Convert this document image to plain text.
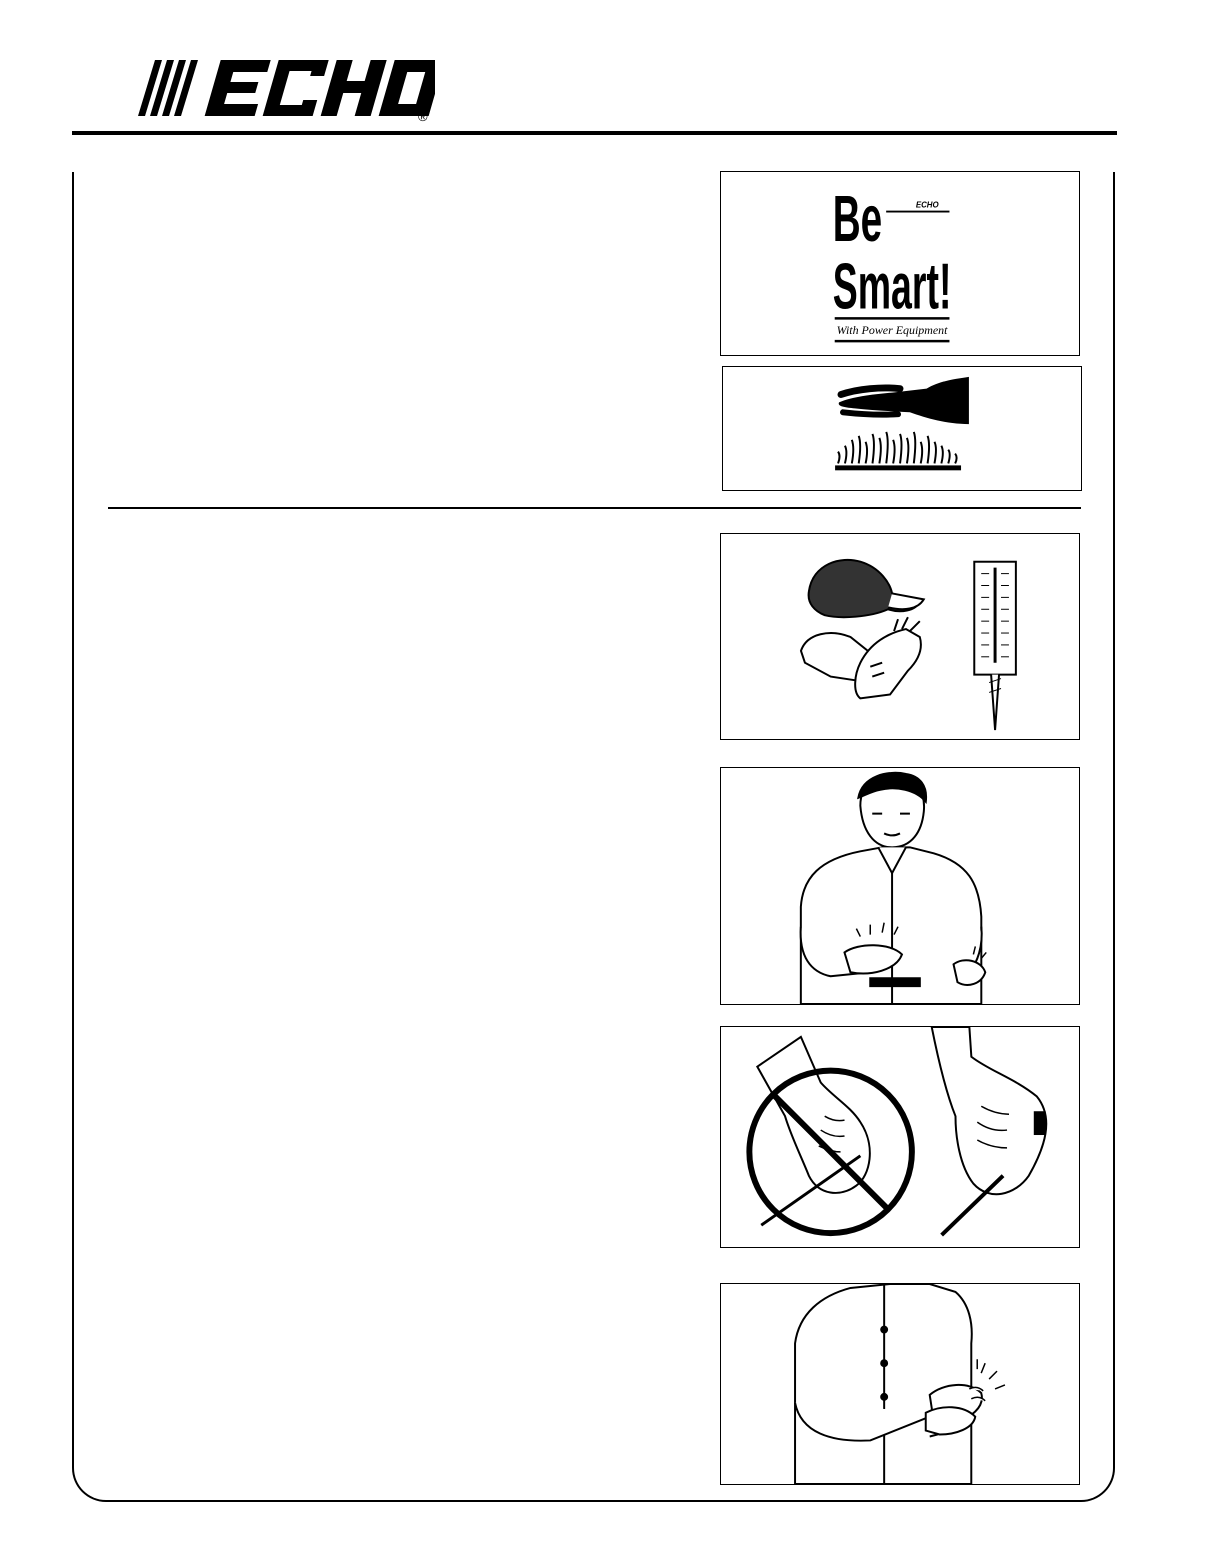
®
Be	ECHO
Smart!
With Power Equipment
